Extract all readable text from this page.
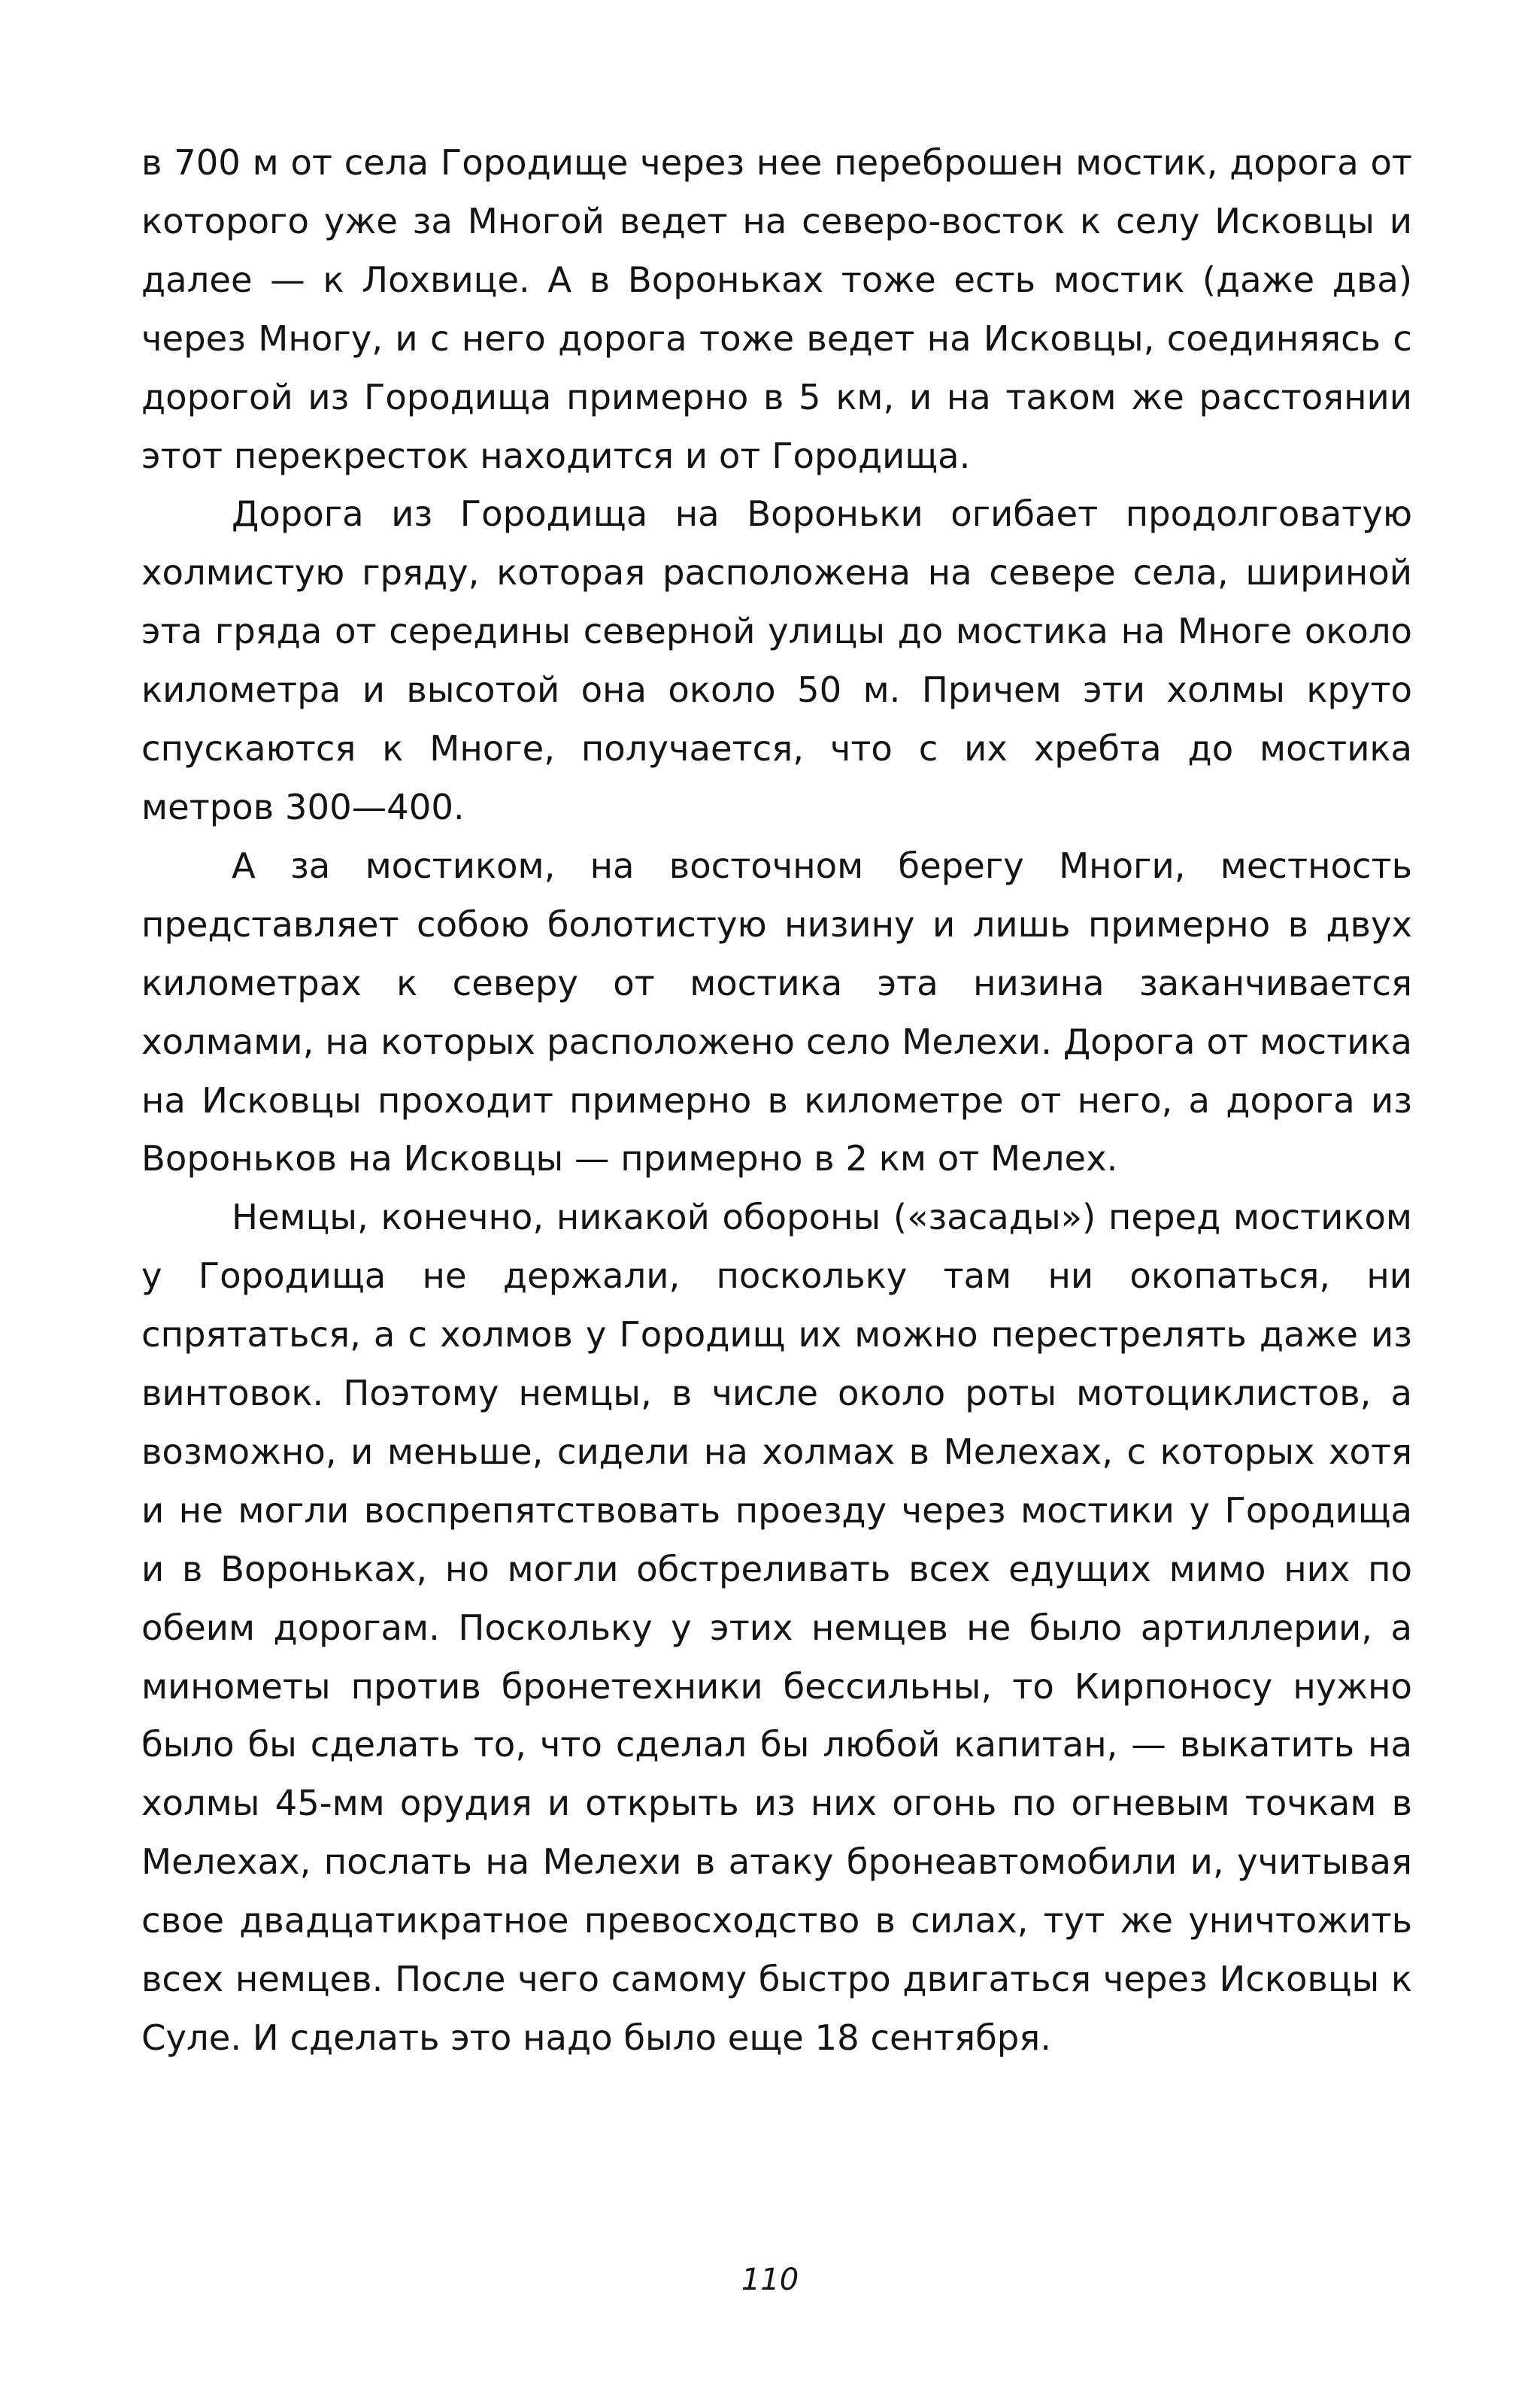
в 700 м от села Городище через нее переброшен мостик, дорога от которого уже за Многой ведет на северо-восток к селу Исковцы и далее — к Лохвице. А в Вороньках тоже есть мостик (даже два) через Многу, и с него дорога тоже ведет на Исковцы, соединяясь с дорогой из Городища примерно в 5 км, и на таком же расстоянии этот перекресток находится и от Городища.

Дорога из Городища на Вороньки огибает продолговатую холмистую гряду, которая расположена на севере села, шириной эта гряда от середины северной улицы до мостика на Многе около километра и высотой она около 50 м. Причем эти холмы круто спускаются к Многе, получается, что с их хребта до мостика метров 300—400.

А за мостиком, на восточном берегу Многи, местность представляет собою болотистую низину и лишь примерно в двух километрах к северу от мостика эта низина заканчивается холмами, на которых расположено село Мелехи. Дорога от мостика на Исковцы проходит примерно в километре от него, а дорога из Вороньков на Исковцы — примерно в 2 км от Мелех.

Немцы, конечно, никакой обороны («засады») перед мостиком у Городища не держали, поскольку там ни окопаться, ни спрятаться, а с холмов у Городищ их можно перестрелять даже из винтовок. Поэтому немцы, в числе около роты мотоциклистов, а возможно, и меньше, сидели на холмах в Мелехах, с которых хотя и не могли воспрепятствовать проезду через мостики у Городища и в Вороньках, но могли обстреливать всех едущих мимо них по обеим дорогам. Поскольку у этих немцев не было артиллерии, а минометы против бронетехники бессильны, то Кирпоносу нужно было бы сделать то, что сделал бы любой капитан, — выкатить на холмы 45-мм орудия и открыть из них огонь по огневым точкам в Мелехах, послать на Мелехи в атаку бронеавтомобили и, учитывая свое двадцатикратное превосходство в силах, тут же уничтожить всех немцев. После чего самому быстро двигаться через Исковцы к Суле. И сделать это надо было еще 18 сентября.

110
